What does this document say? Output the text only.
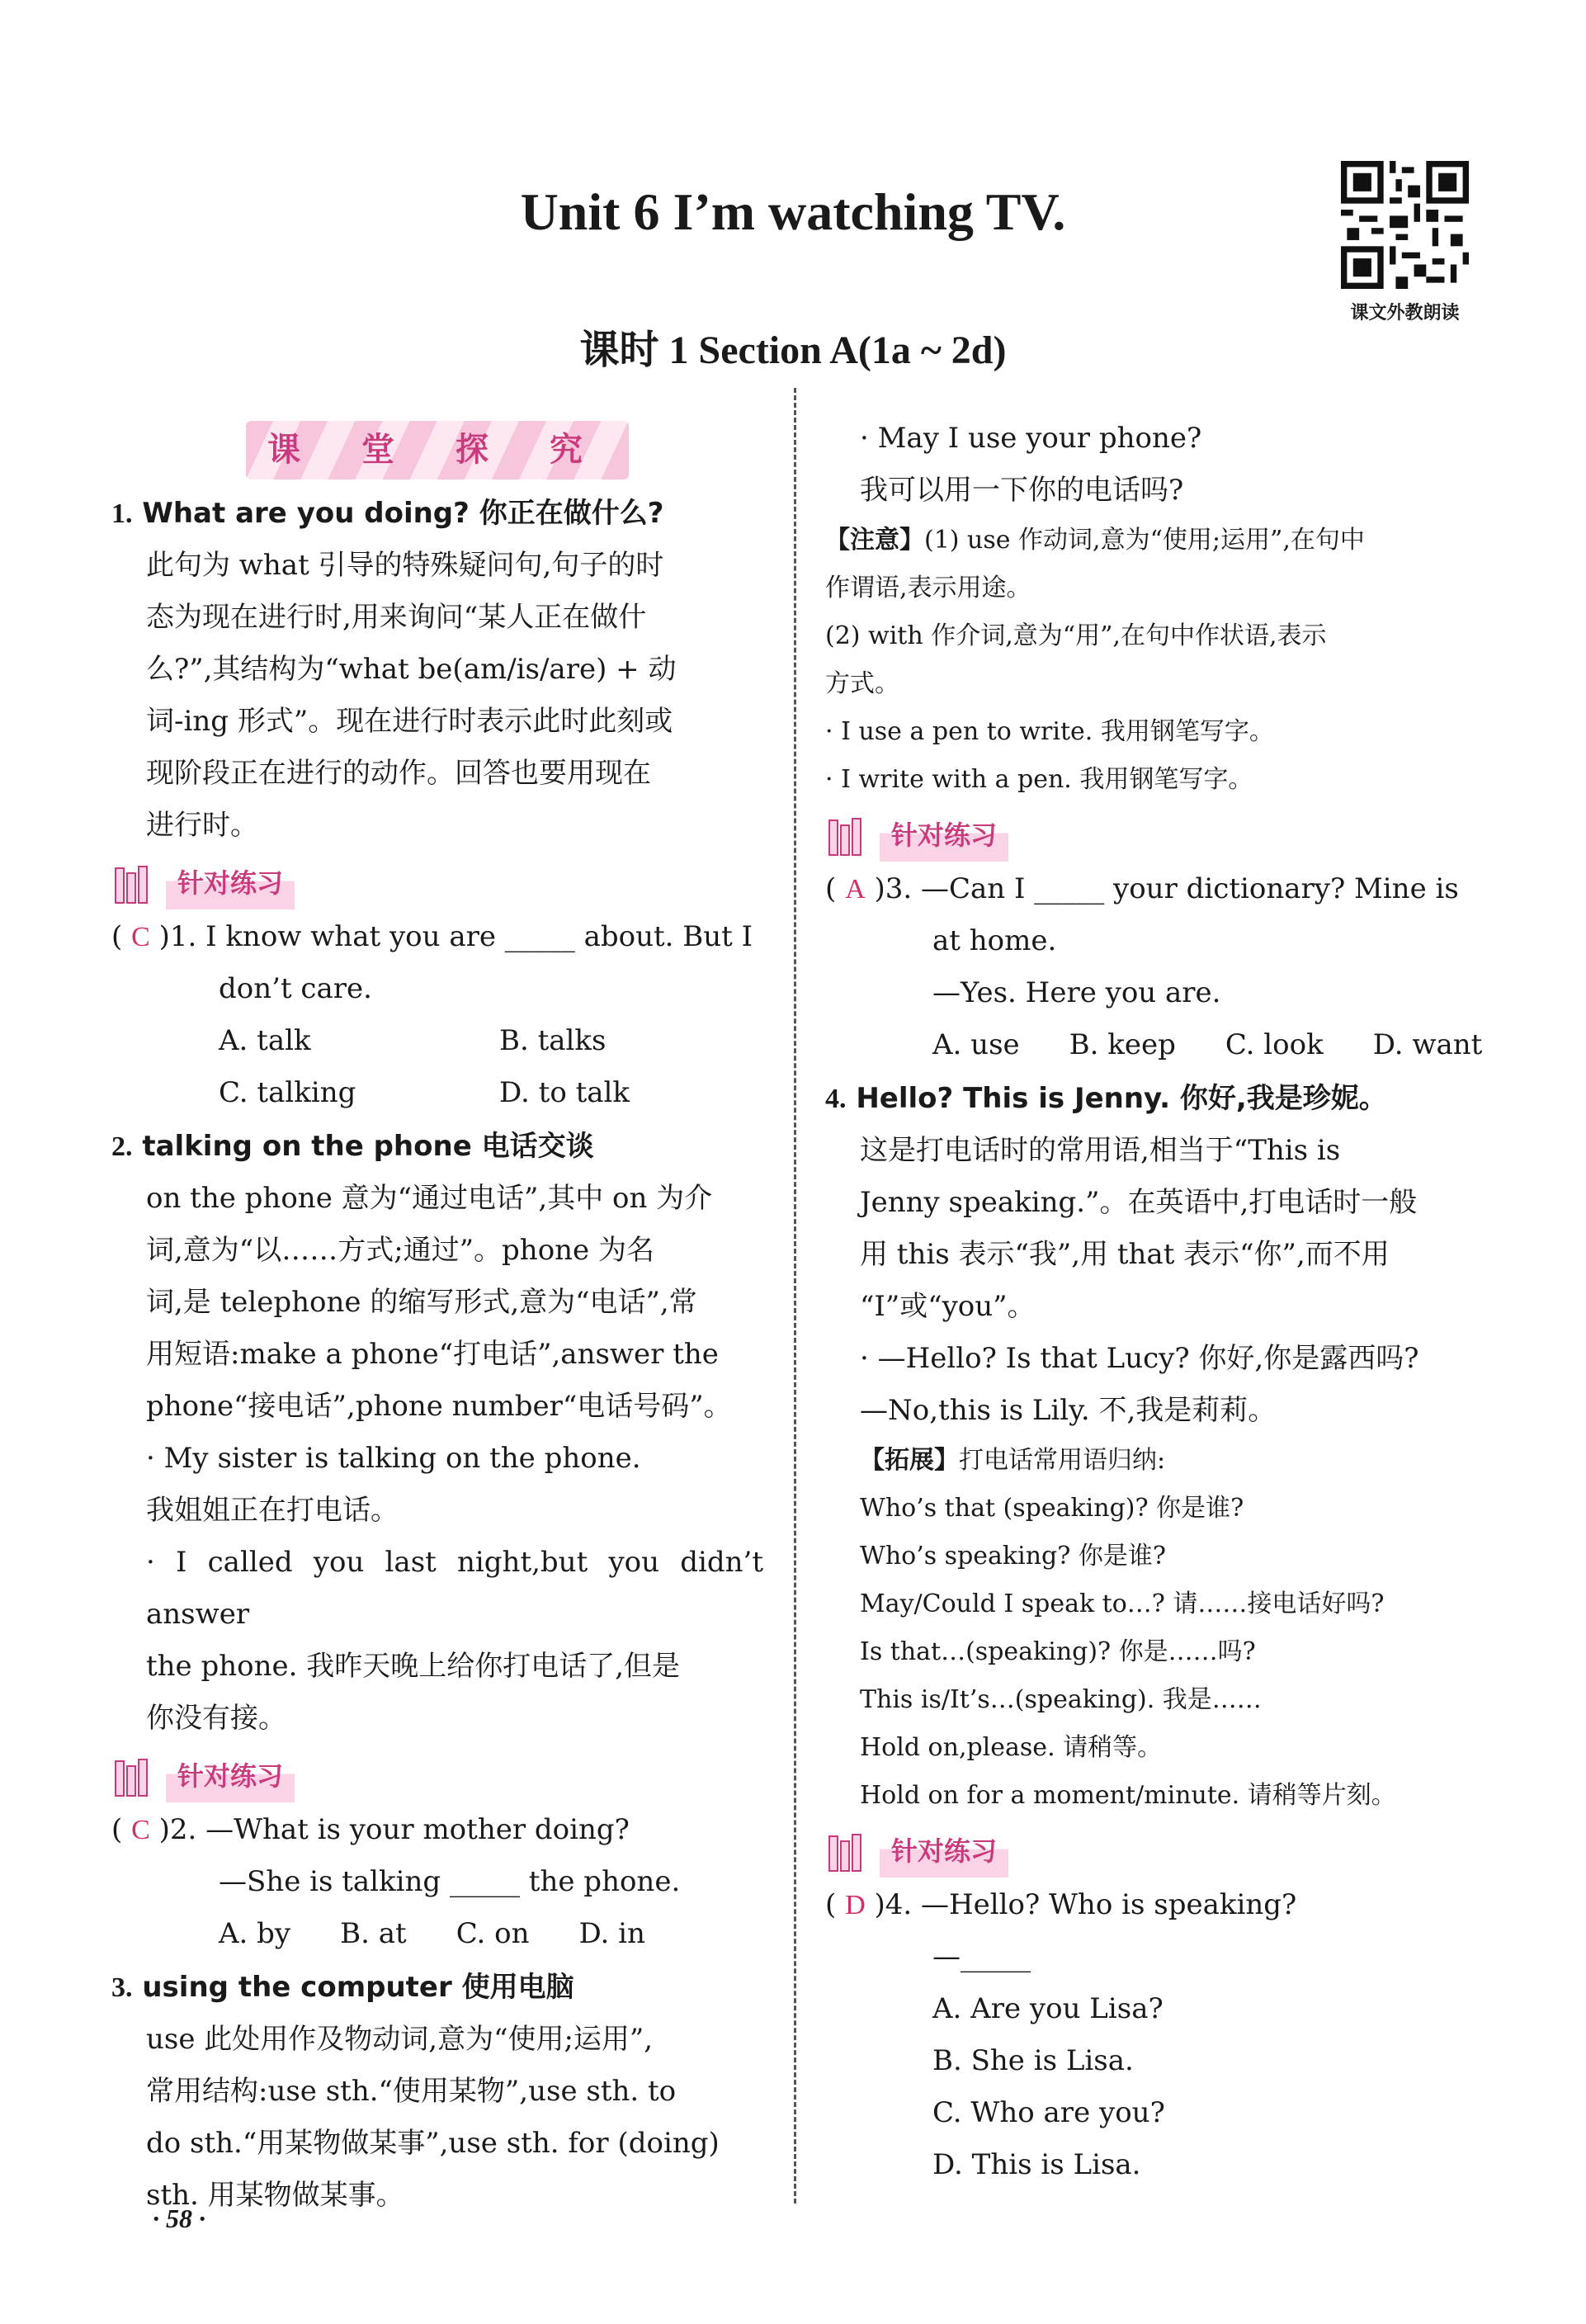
Unit 6 I’m watching TV.
课时 1 Section A(1a ~ 2d)
课文外教朗读
课 堂 探 究
1. What are you doing? 你正在做什么?
此句为 what 引导的特殊疑问句,句子的时
态为现在进行时,用来询问“某人正在做什
么?”,其结构为“what be(am/is/are) + 动
词-ing 形式”。现在进行时表示此时此刻或
现阶段正在进行的动作。回答也要用现在
进行时。
针对练习
( C )1. I know what you are _____ about. But I
don’t care.
A. talk	B. talks
C. talking	D. to talk
2. talking on the phone 电话交谈
on the phone 意为“通过电话”,其中 on 为介
词,意为“以……方式;通过”。phone 为名
词,是 telephone 的缩写形式,意为“电话”,常
用短语:make a phone“打电话”,answer the
phone“接电话”,phone number“电话号码”。
· My sister is talking on the phone.
我姐姐正在打电话。
· I called you last night,but you didn’t answer
the phone. 我昨天晚上给你打电话了,但是
你没有接。
针对练习
( C )2. —What is your mother doing?
—She is talking _____ the phone.
A. by B. at C. on D. in
3. using the computer 使用电脑
use 此处用作及物动词,意为“使用;运用”,
常用结构:use sth.“使用某物”,use sth. to
do sth.“用某物做某事”,use sth. for (doing)
sth. 用某物做某事。
· May I use your phone?
我可以用一下你的电话吗?
【注意】(1) use 作动词,意为“使用;运用”,在句中
作谓语,表示用途。
(2) with 作介词,意为“用”,在句中作状语,表示
方式。
· I use a pen to write. 我用钢笔写字。
· I write with a pen. 我用钢笔写字。
针对练习
( A )3. —Can I _____ your dictionary? Mine is
at home.
—Yes. Here you are.
A. use B. keep C. look D. want
4. Hello? This is Jenny. 你好,我是珍妮。
这是打电话时的常用语,相当于“This is
Jenny speaking.”。在英语中,打电话时一般
用 this 表示“我”,用 that 表示“你”,而不用
“I”或“you”。
· —Hello? Is that Lucy? 你好,你是露西吗?
—No,this is Lily. 不,我是莉莉。
【拓展】打电话常用语归纳:
Who’s that (speaking)? 你是谁?
Who’s speaking? 你是谁?
May/Could I speak to…? 请……接电话好吗?
Is that…(speaking)? 你是……吗?
This is/It’s…(speaking). 我是……
Hold on,please. 请稍等。
Hold on for a moment/minute. 请稍等片刻。
针对练习
( D )4. —Hello? Who is speaking?
—_____
A. Are you Lisa?
B. She is Lisa.
C. Who are you?
D. This is Lisa.
· 58 ·
